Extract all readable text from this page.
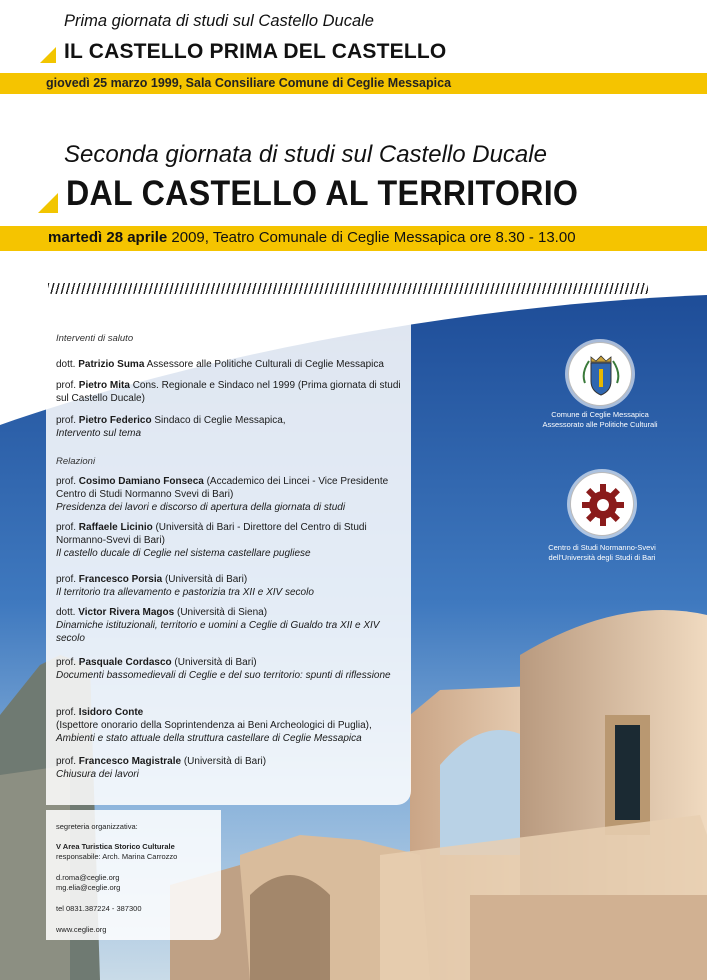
Prima giornata di studi sul Castello Ducale
IL CASTELLO PRIMA DEL CASTELLO
giovedì 25 marzo 1999, Sala Consiliare Comune di Ceglie Messapica
Seconda giornata di studi sul Castello Ducale
DAL CASTELLO AL TERRITORIO
martedì 28 aprile 2009, Teatro Comunale di Ceglie Messapica ore 8.30 - 13.00
Interventi di saluto
dott. Patrizio Suma Assessore alle Politiche Culturali di Ceglie Messapica
prof. Pietro Mita Cons. Regionale e Sindaco nel 1999 (Prima giornata di studi sul Castello Ducale)
prof. Pietro Federico Sindaco di Ceglie Messapica,
Intervento sul tema
Relazioni
prof. Cosimo Damiano Fonseca (Accademico dei Lincei - Vice Presidente Centro di Studi Normanno Svevi di Bari)
Presidenza dei lavori e discorso di apertura della giornata di studi
prof. Raffaele Licinio (Università di Bari - Direttore del Centro di Studi Normanno-Svevi di Bari)
Il castello ducale di Ceglie nel sistema castellare pugliese
prof. Francesco Porsia (Università di Bari)
Il territorio tra allevamento e pastorizia tra XII e XIV secolo
dott. Victor Rivera Magos (Università di Siena)
Dinamiche istituzionali, territorio e uomini a Ceglie di Gualdo tra XII e XIV secolo
prof. Pasquale Cordasco (Università di Bari)
Documenti bassomedievali di Ceglie e del suo territorio: spunti di riflessione
prof. Isidoro Conte
(Ispettore onorario della Soprintendenza ai Beni Archeologici di Puglia),
Ambienti e stato attuale della struttura castellare di Ceglie Messapica
prof. Francesco Magistrale (Università di Bari)
Chiusura dei lavori
segreteria organizzativa:
V Area Turistica Storico Culturale
responsabile: Arch. Marina Carrozzo
d.roma@ceglie.org
mg.elia@ceglie.org
tel 0831.387224 - 387300
www.ceglie.org
Comune di Ceglie Messapica
Assessorato alle Politiche Culturali
Centro di Studi Normanno-Svevi
dell'Università degli Studi di Bari
